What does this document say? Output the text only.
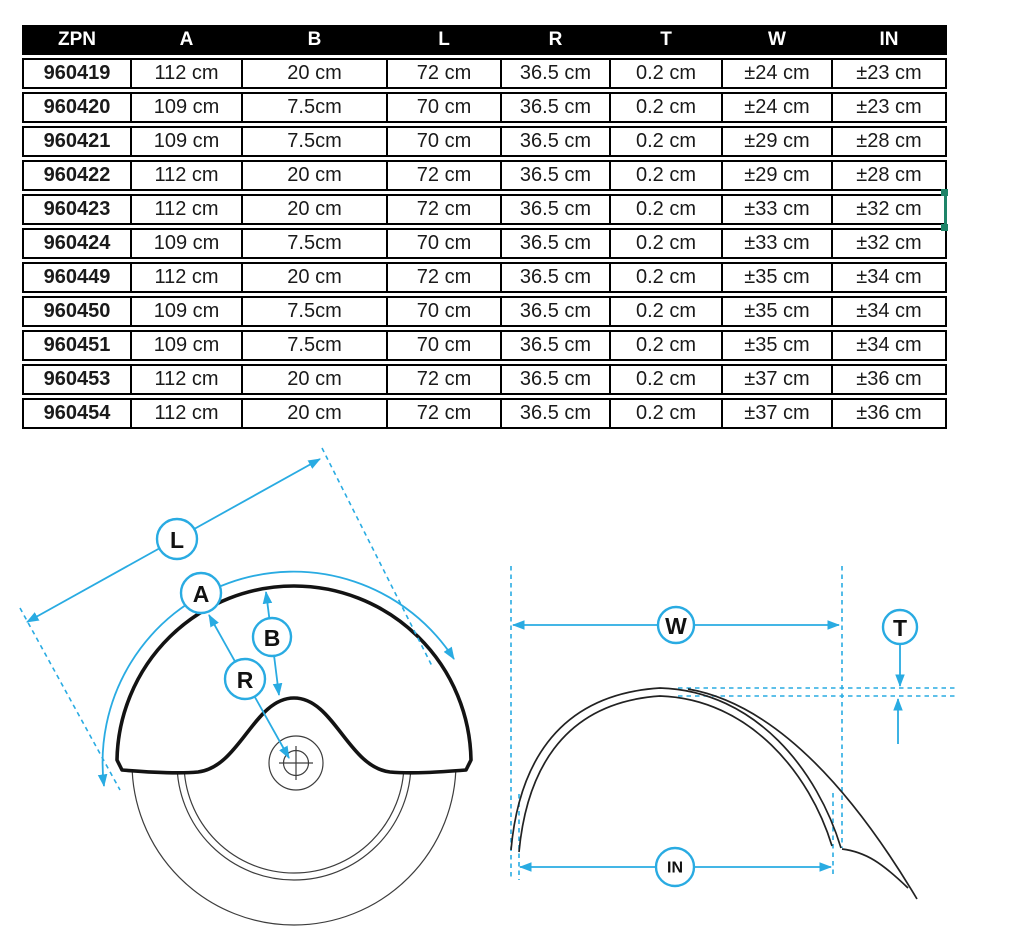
ZPN	A	B	L	R	T	W	IN
960419	112 cm	20 cm	72 cm	36.5 cm	0.2 cm	±24 cm	±23 cm
960420	109 cm	7.5cm	70 cm	36.5 cm	0.2 cm	±24 cm	±23 cm
960421	109 cm	7.5cm	70 cm	36.5 cm	0.2 cm	±29 cm	±28 cm
960422	112 cm	20 cm	72 cm	36.5 cm	0.2 cm	±29 cm	±28 cm
960423	112 cm	20 cm	72 cm	36.5 cm	0.2 cm	±33 cm	±32 cm
960424	109 cm	7.5cm	70 cm	36.5 cm	0.2 cm	±33 cm	±32 cm
960449	112 cm	20 cm	72 cm	36.5 cm	0.2 cm	±35 cm	±34 cm
960450	109 cm	7.5cm	70 cm	36.5 cm	0.2 cm	±35 cm	±34 cm
960451	109 cm	7.5cm	70 cm	36.5 cm	0.2 cm	±35 cm	±34 cm
960453	112 cm	20 cm	72 cm	36.5 cm	0.2 cm	±37 cm	±36 cm
960454	112 cm	20 cm	72 cm	36.5 cm	0.2 cm	±37 cm	±36 cm
L
A
B
R
W	T
IN
